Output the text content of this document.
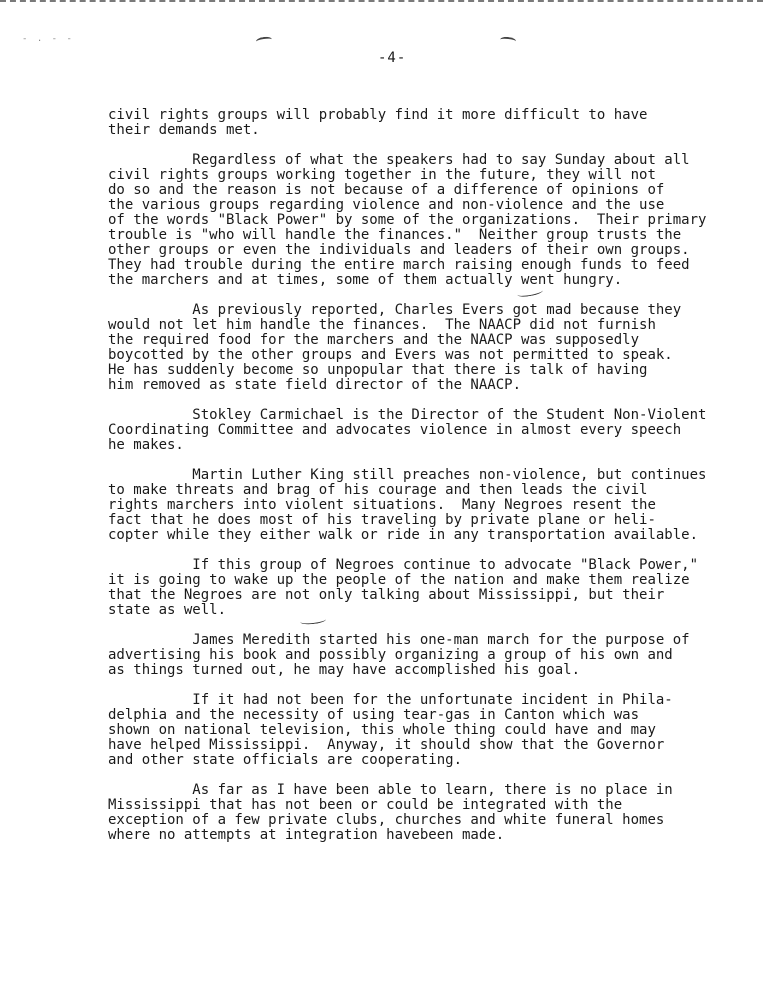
- . - -
-4-
civil rights groups will probably find it more difficult to have
their demands met.
Regardless of what the speakers had to say Sunday about all
civil rights groups working together in the future, they will not
do so and the reason is not because of a difference of opinions of
the various groups regarding violence and non-violence and the use
of the words "Black Power" by some of the organizations.  Their primary
trouble is "who will handle the finances."  Neither group trusts the
other groups or even the individuals and leaders of their own groups.
They had trouble during the entire march raising enough funds to feed
the marchers and at times, some of them actually went hungry.
As previously reported, Charles Evers got mad because they
would not let him handle the finances.  The NAACP did not furnish
the required food for the marchers and the NAACP was supposedly
boycotted by the other groups and Evers was not permitted to speak.
He has suddenly become so unpopular that there is talk of having
him removed as state field director of the NAACP.
Stokley Carmichael is the Director of the Student Non-Violent
Coordinating Committee and advocates violence in almost every speech
he makes.
Martin Luther King still preaches non-violence, but continues
to make threats and brag of his courage and then leads the civil
rights marchers into violent situations.  Many Negroes resent the
fact that he does most of his traveling by private plane or heli-
copter while they either walk or ride in any transportation available.
If this group of Negroes continue to advocate "Black Power,"
it is going to wake up the people of the nation and make them realize
that the Negroes are not only talking about Mississippi, but their
state as well.
James Meredith started his one-man march for the purpose of
advertising his book and possibly organizing a group of his own and
as things turned out, he may have accomplished his goal.
If it had not been for the unfortunate incident in Phila-
delphia and the necessity of using tear-gas in Canton which was
shown on national television, this whole thing could have and may
have helped Mississippi.  Anyway, it should show that the Governor
and other state officials are cooperating.
As far as I have been able to learn, there is no place in
Mississippi that has not been or could be integrated with the
exception of a few private clubs, churches and white funeral homes
where no attempts at integration havebeen made.
